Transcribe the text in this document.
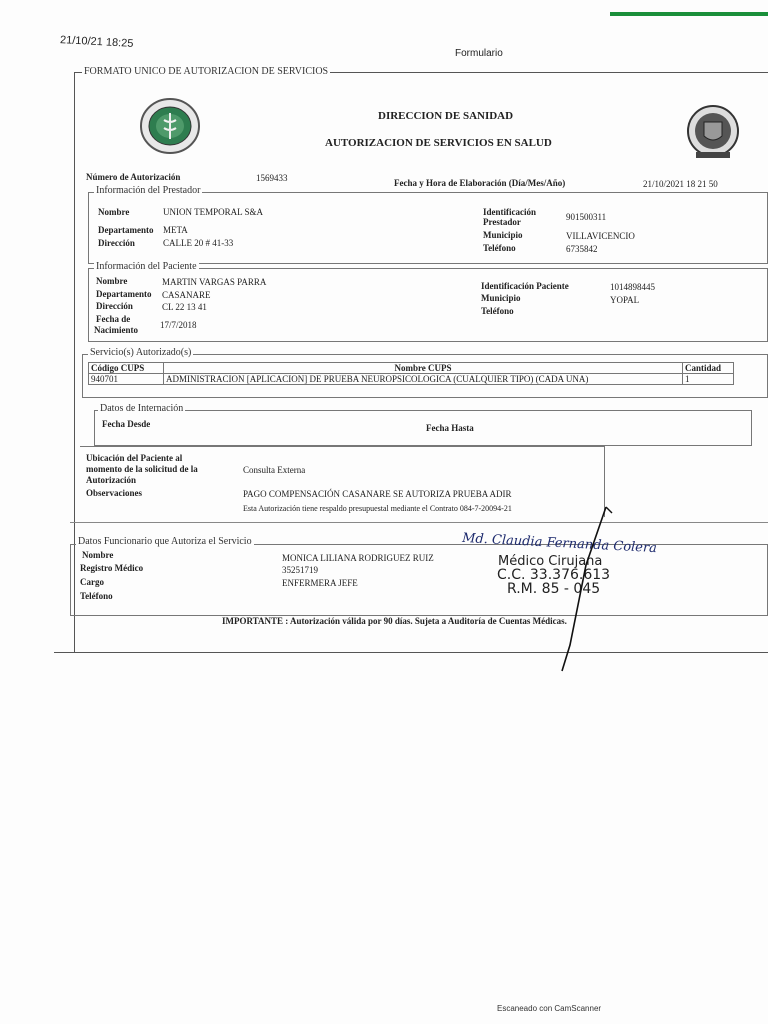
21/10/21 18:25
Formulario
FORMATO UNICO DE AUTORIZACION DE SERVICIOS
DIRECCION DE SANIDAD
AUTORIZACION DE SERVICIOS EN SALUD
Número de Autorización	1569433	Fecha y Hora de Elaboración (Día/Mes/Año)	21/10/2021 18 21 50
Información del Prestador
Nombre	UNION TEMPORAL S&A
Departamento META
Dirección	CALLE 20 # 41-33
Identificación
Prestador	901500311
Municipio	VILLAVICENCIO
Teléfono	6735842
Información del Paciente
Nombre	MARTIN VARGAS PARRA
Departamento CASANARE
Dirección	CL 22 13 41
Fecha de
Nacimiento 17/7/2018
Identificación Paciente	1014898445
Municipio	YOPAL
Teléfono
Servicio(s) Autorizado(s)
Código CUPS	Nombre CUPS	Cantidad
940701	ADMINISTRACION [APLICACION] DE PRUEBA NEUROPSICOLOGICA (CUALQUIER TIPO) (CADA UNA)	1
Datos de Internación
Fecha Desde	Fecha Hasta
Ubicación del Paciente al
momento de la solicitud de la
Autorización
Consulta Externa
Observaciones	PAGO COMPENSACIÓN CASANARE SE AUTORIZA PRUEBA ADIR
Esta Autorización tiene respaldo presupuestal mediante el Contrato 084-7-20094-21
Datos Funcionario que Autoriza el Servicio
Nombre	MONICA LILIANA RODRIGUEZ RUIZ
Registro Médico	35251719
Cargo	ENFERMERA JEFE
Teléfono
Md. Claudia Fernanda Colera
Médico Cirujana
C.C. 33.376.613
R.M. 85 - 045
IMPORTANTE : Autorización válida por 90 días. Sujeta a Auditoría de Cuentas Médicas.
Escaneado con CamScanner
